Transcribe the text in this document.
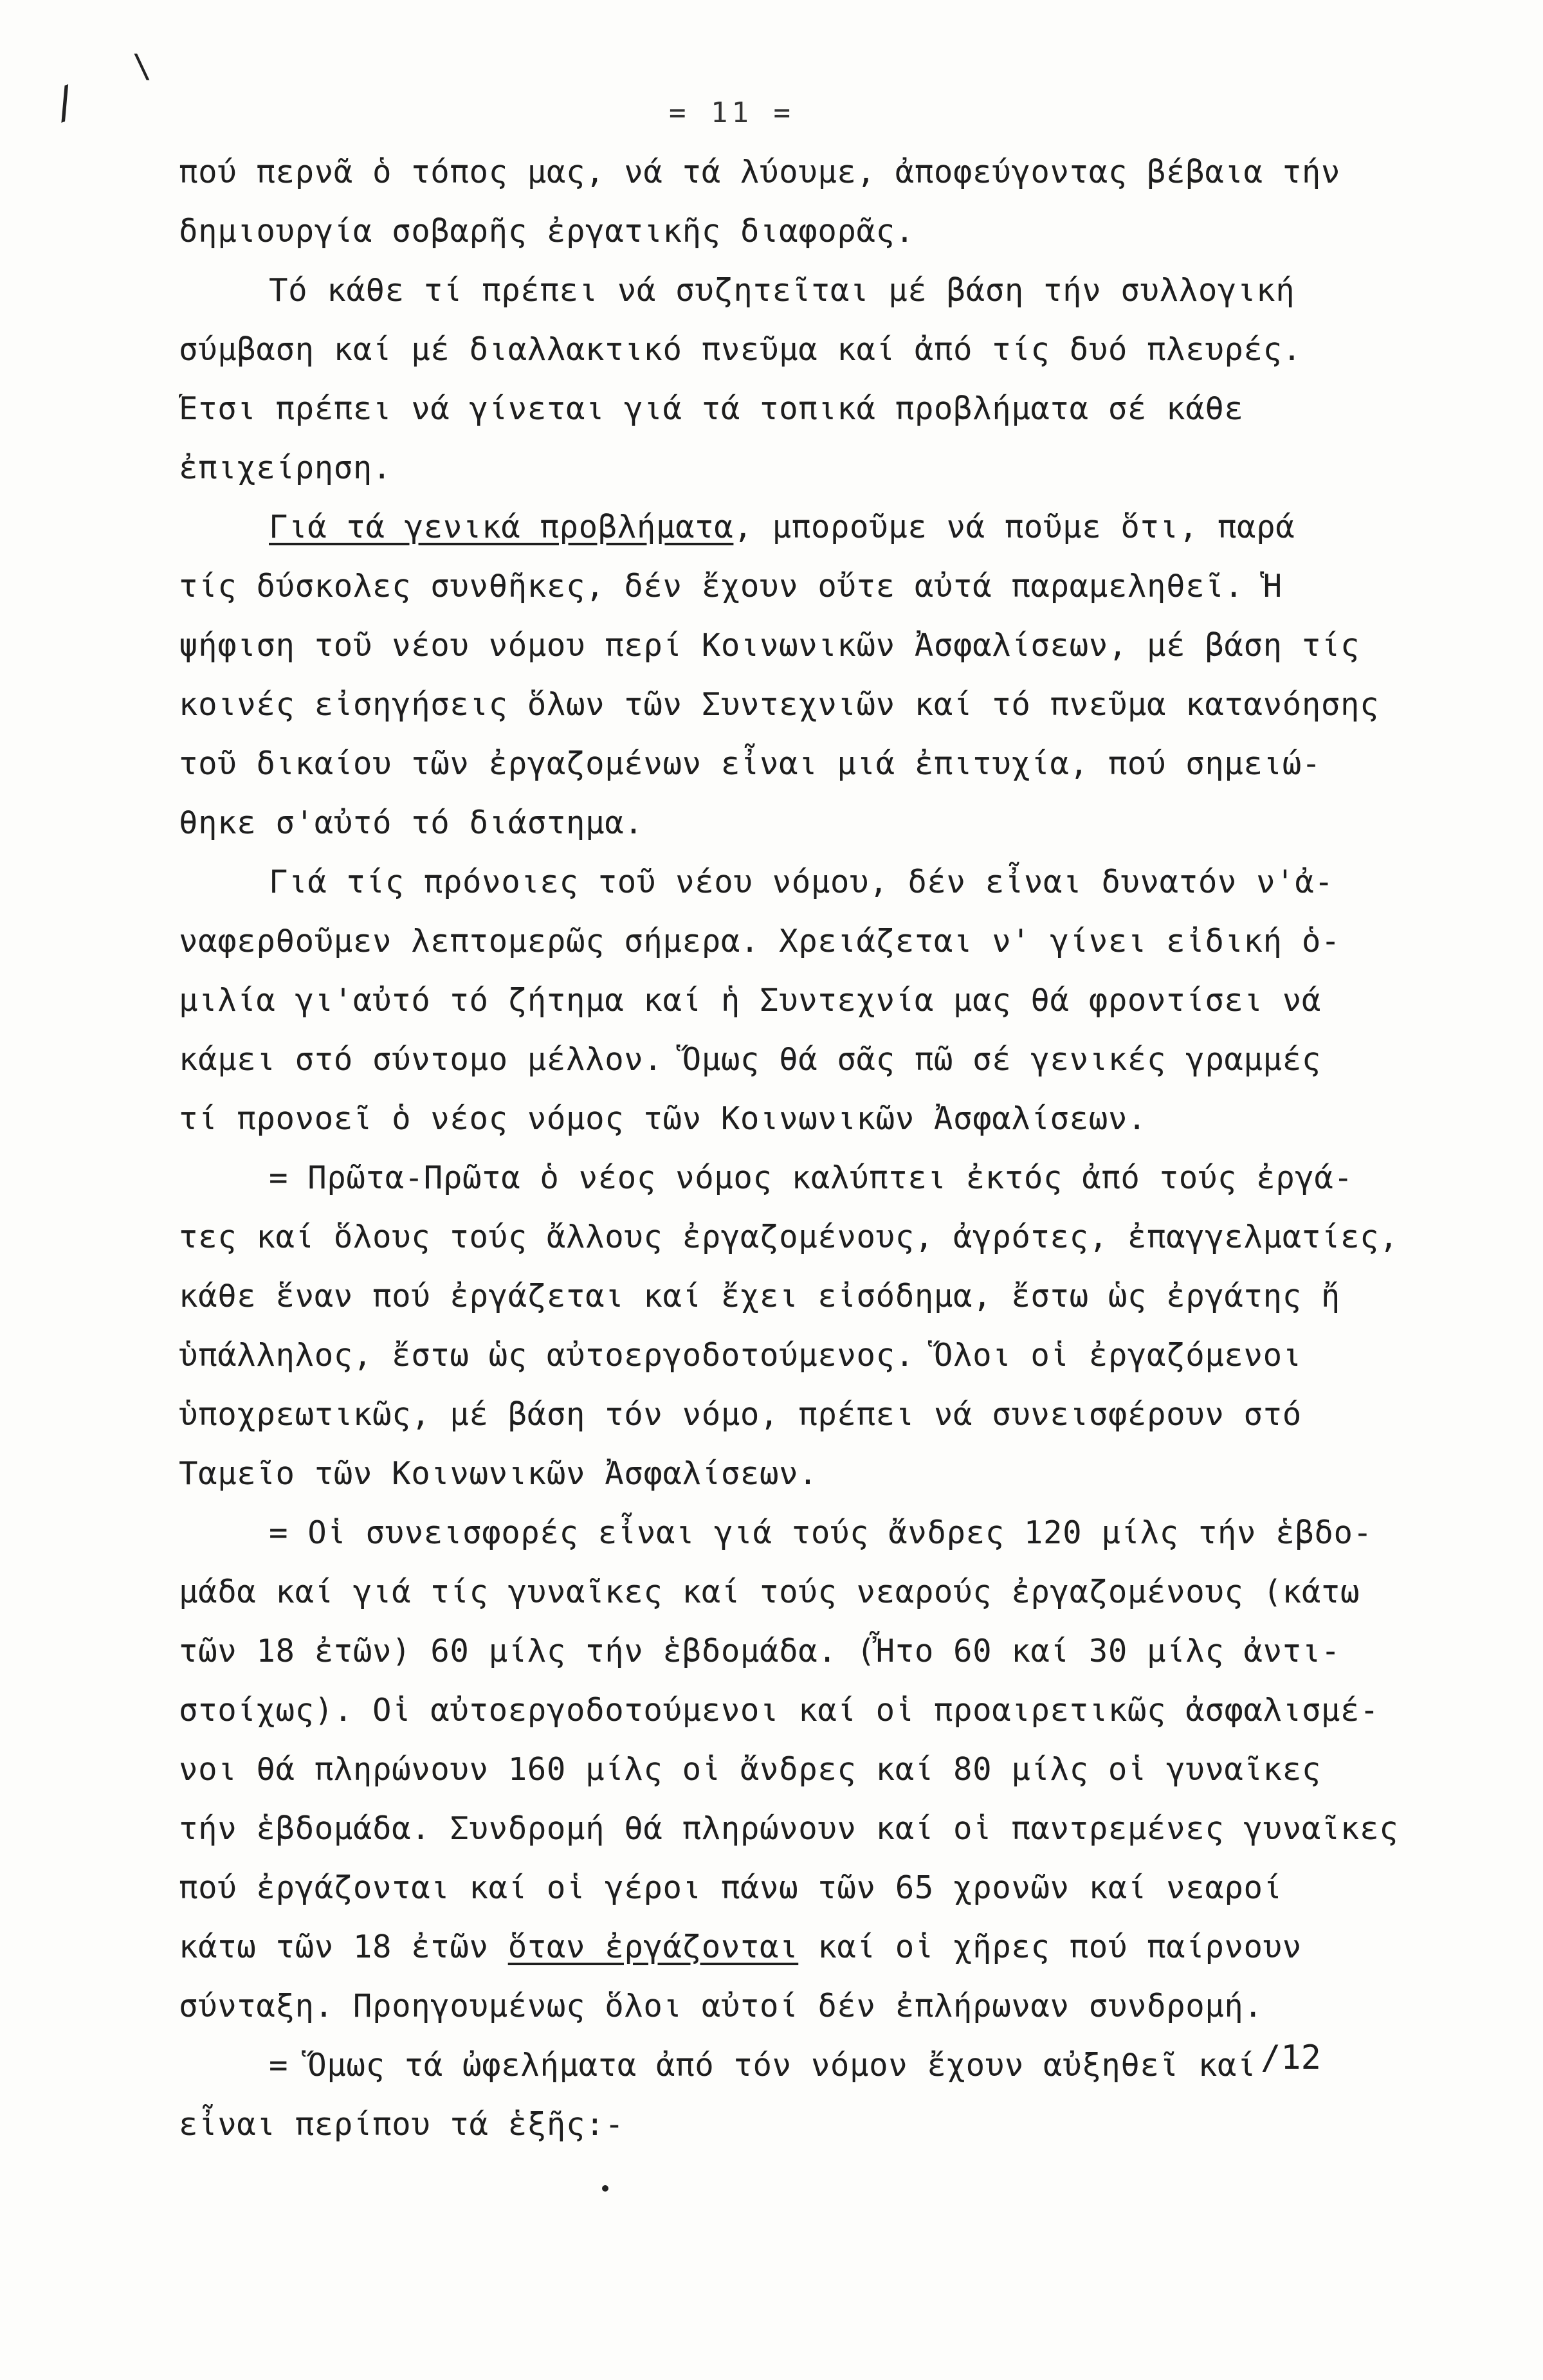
\
/	= 11 =
πού περνᾶ ὁ τόπος μας, νά τά λύουμε, ἀποφεύγοντας βέβαια τήν
δημιουργία σοβαρῆς ἐργατικῆς διαφορᾶς.
Τό κάθε τί πρέπει νά συζητεῖται μέ βάση τήν συλλογική
σύμβαση καί μέ διαλλακτικό πνεῦμα καί ἀπό τίς δυό πλευρές.
Ἔτσι πρέπει νά γίνεται γιά τά τοπικά προβλήματα σέ κάθε
ἐπιχείρηση.
Γιά τά γενικά προβλήματα, μποροῦμε νά ποῦμε ὅτι, παρά
τίς δύσκολες συνθῆκες, δέν ἔχουν οὔτε αὐτά παραμεληθεῖ. Ἡ
ψήφιση τοῦ νέου νόμου περί Κοινωνικῶν Ἀσφαλίσεων, μέ βάση τίς
κοινές εἰσηγήσεις ὅλων τῶν Συντεχνιῶν καί τό πνεῦμα κατανόησης
τοῦ δικαίου τῶν ἐργαζομένων εἶναι μιά ἐπιτυχία, πού σημειώ-
θηκε σ'αὐτό τό διάστημα.
Γιά τίς πρόνοιες τοῦ νέου νόμου, δέν εἶναι δυνατόν ν'ἀ-
ναφερθοῦμεν λεπτομερῶς σήμερα. Χρειάζεται ν' γίνει εἰδική ὁ-
μιλία γι'αὐτό τό ζήτημα καί ἡ Συντεχνία μας θά φροντίσει νά
κάμει στό σύντομο μέλλον. Ὅμως θά σᾶς πῶ σέ γενικές γραμμές
τί προνοεῖ ὁ νέος νόμος τῶν Κοινωνικῶν Ἀσφαλίσεων.
= Πρῶτα-Πρῶτα ὁ νέος νόμος καλύπτει ἐκτός ἀπό τούς ἐργά-
τες καί ὅλους τούς ἄλλους ἐργαζομένους, ἀγρότες, ἐπαγγελματίες,
κάθε ἕναν πού ἐργάζεται καί ἔχει εἰσόδημα, ἔστω ὡς ἐργάτης ἤ
ὑπάλληλος, ἔστω ὡς αὐτοεργοδοτούμενος. Ὅλοι οἱ ἐργαζόμενοι
ὑποχρεωτικῶς, μέ βάση τόν νόμο, πρέπει νά συνεισφέρουν στό
Ταμεῖο τῶν Κοινωνικῶν Ἀσφαλίσεων.
= Οἱ συνεισφορές εἶναι γιά τούς ἄνδρες 120 μίλς τήν ἑβδο-
μάδα καί γιά τίς γυναῖκες καί τούς νεαρούς ἐργαζομένους (κάτω
τῶν 18 ἐτῶν) 60 μίλς τήν ἑβδομάδα. (Ἦτο 60 καί 30 μίλς ἀντι-
στοίχως). Οἱ αὐτοεργοδοτούμενοι καί οἱ προαιρετικῶς ἀσφαλισμέ-
νοι θά πληρώνουν 160 μίλς οἱ ἄνδρες καί 80 μίλς οἱ γυναῖκες
τήν ἑβδομάδα. Συνδρομή θά πληρώνουν καί οἱ παντρεμένες γυναῖκες
πού ἐργάζονται καί οἱ γέροι πάνω τῶν 65 χρονῶν καί νεαροί
κάτω τῶν 18 ἐτῶν ὅταν ἐργάζονται καί οἱ χῆρες πού παίρνουν
σύνταξη. Προηγουμένως ὅλοι αὐτοί δέν ἐπλήρωναν συνδρομή.
= Ὅμως τά ὠφελήματα ἀπό τόν νόμον ἔχουν αὐξηθεῖ καί
εἶναι περίπου τά ἑξῆς:-
/12
